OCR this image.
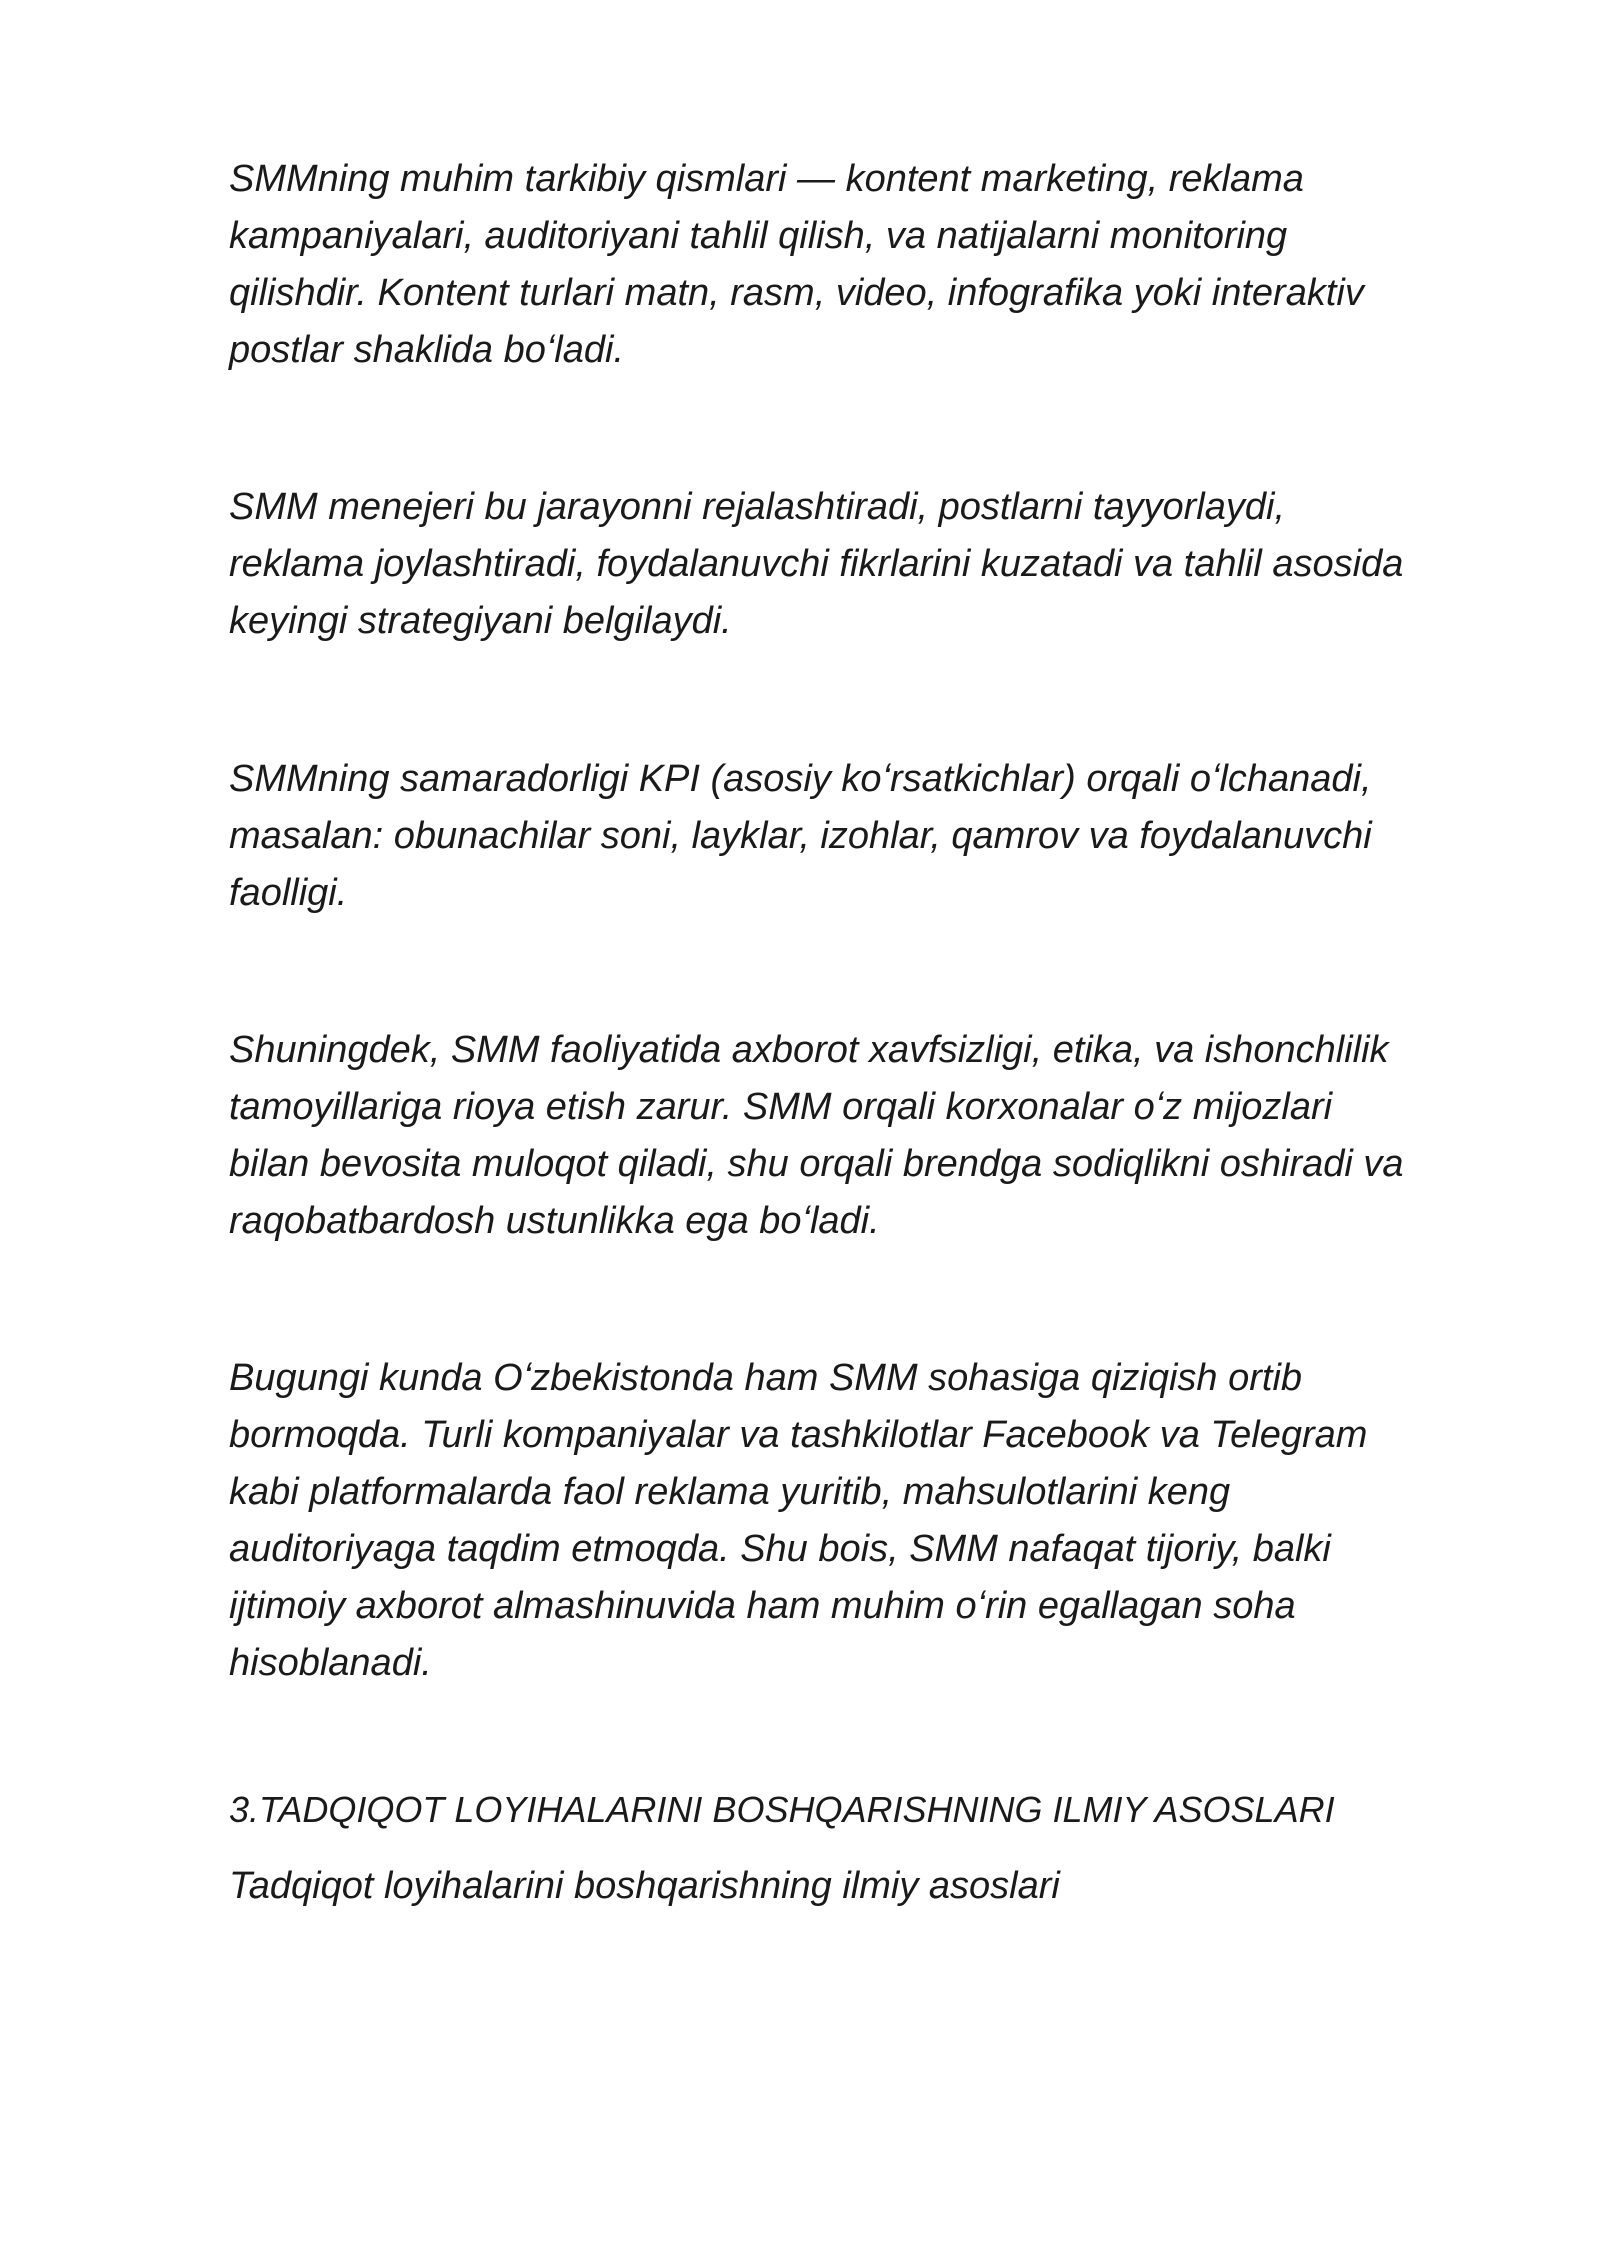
SMMning muhim tarkibiy qismlari — kontent marketing, reklama
kampaniyalari, auditoriyani tahlil qilish, va natijalarni monitoring
qilishdir. Kontent turlari matn, rasm, video, infografika yoki interaktiv
postlar shaklida boʻladi.

SMM menejeri bu jarayonni rejalashtiradi, postlarni tayyorlaydi,
reklama joylashtiradi, foydalanuvchi fikrlarini kuzatadi va tahlil asosida
keyingi strategiyani belgilaydi.

SMMning samaradorligi KPI (asosiy koʻrsatkichlar) orqali oʻlchanadi,
masalan: obunachilar soni, layklar, izohlar, qamrov va foydalanuvchi
faolligi.

Shuningdek, SMM faoliyatida axborot xavfsizligi, etika, va ishonchlilik
tamoyillariga rioya etish zarur. SMM orqali korxonalar oʻz mijozlari
bilan bevosita muloqot qiladi, shu orqali brendga sodiqlikni oshiradi va
raqobatbardosh ustunlikka ega boʻladi.

Bugungi kunda Oʻzbekistonda ham SMM sohasiga qiziqish ortib
bormoqda. Turli kompaniyalar va tashkilotlar Facebook va Telegram
kabi platformalarda faol reklama yuritib, mahsulotlarini keng
auditoriyaga taqdim etmoqda. Shu bois, SMM nafaqat tijoriy, balki
ijtimoiy axborot almashinuvida ham muhim oʻrin egallagan soha
hisoblanadi.

3.TADQIQOT LOYIHALARINI BOSHQARISHNING ILMIY ASOSLARI

Tadqiqot loyihalarini boshqarishning ilmiy asoslari
